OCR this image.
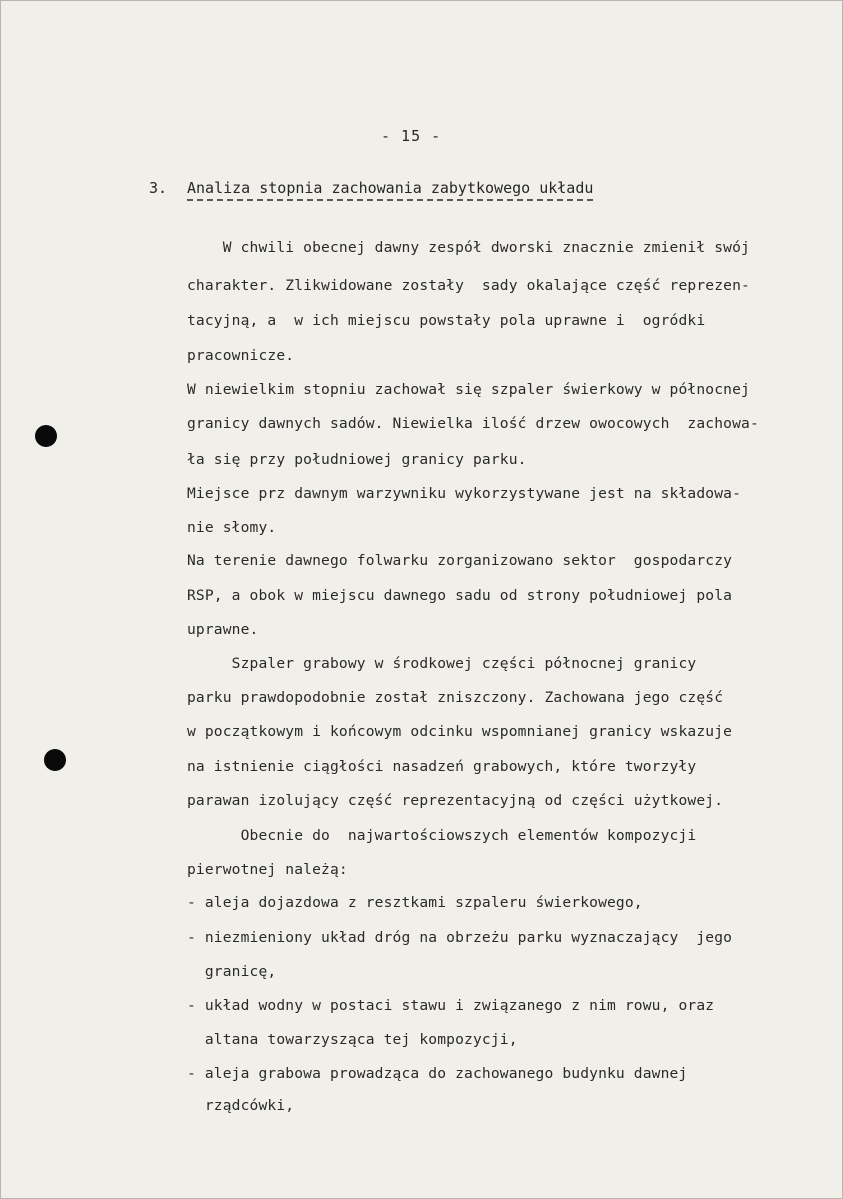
- 15 -
3. Analiza stopnia zachowania zabytkowego układu
W chwili obecnej dawny zespół dworski znacznie zmienił swój
charakter. Zlikwidowane zostały  sady okalające część reprezen-
tacyjną, a  w ich miejscu powstały pola uprawne i  ogródki
pracownicze.
W niewielkim stopniu zachował się szpaler świerkowy w północnej
granicy dawnych sadów. Niewielka ilość drzew owocowych  zachowa-
ła się przy południowej granicy parku.
Miejsce prz dawnym warzywniku wykorzystywane jest na składowa-
nie słomy.
Na terenie dawnego folwarku zorganizowano sektor  gospodarczy
RSP, a obok w miejscu dawnego sadu od strony południowej pola
uprawne.
Szpaler grabowy w środkowej części północnej granicy
parku prawdopodobnie został zniszczony. Zachowana jego część
w początkowym i końcowym odcinku wspomnianej granicy wskazuje
na istnienie ciągłości nasadzeń grabowych, które tworzyły
parawan izolujący część reprezentacyjną od części użytkowej.
Obecnie do  najwartościowszych elementów kompozycji
pierwotnej należą:
- aleja dojazdowa z resztkami szpaleru świerkowego,
- niezmieniony układ dróg na obrzeżu parku wyznaczający  jego
granicę,
- układ wodny w postaci stawu i związanego z nim rowu, oraz
altana towarzysząca tej kompozycji,
- aleja grabowa prowadząca do zachowanego budynku dawnej
rządcówki,
